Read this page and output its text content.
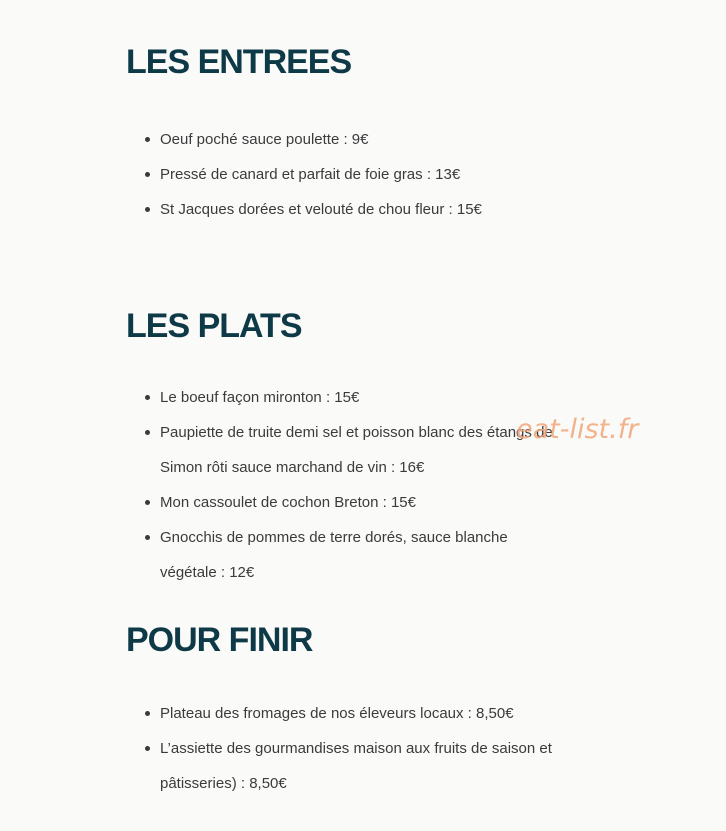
LES ENTREES
Oeuf poché sauce poulette : 9€
Pressé de canard et parfait de foie gras : 13€
St Jacques dorées et velouté de chou fleur : 15€
LES PLATS
Le boeuf façon mironton : 15€
Paupiette de truite demi sel et poisson blanc des étangs de Simon rôti sauce marchand de vin : 16€
Mon cassoulet de cochon Breton : 15€
Gnocchis de pommes de terre dorés, sauce blanche végétale : 12€
POUR FINIR
Plateau des fromages de nos éleveurs locaux : 8,50€
L’assiette des gourmandises maison aux fruits de saison et pâtisseries) : 8,50€
eat-list.fr
